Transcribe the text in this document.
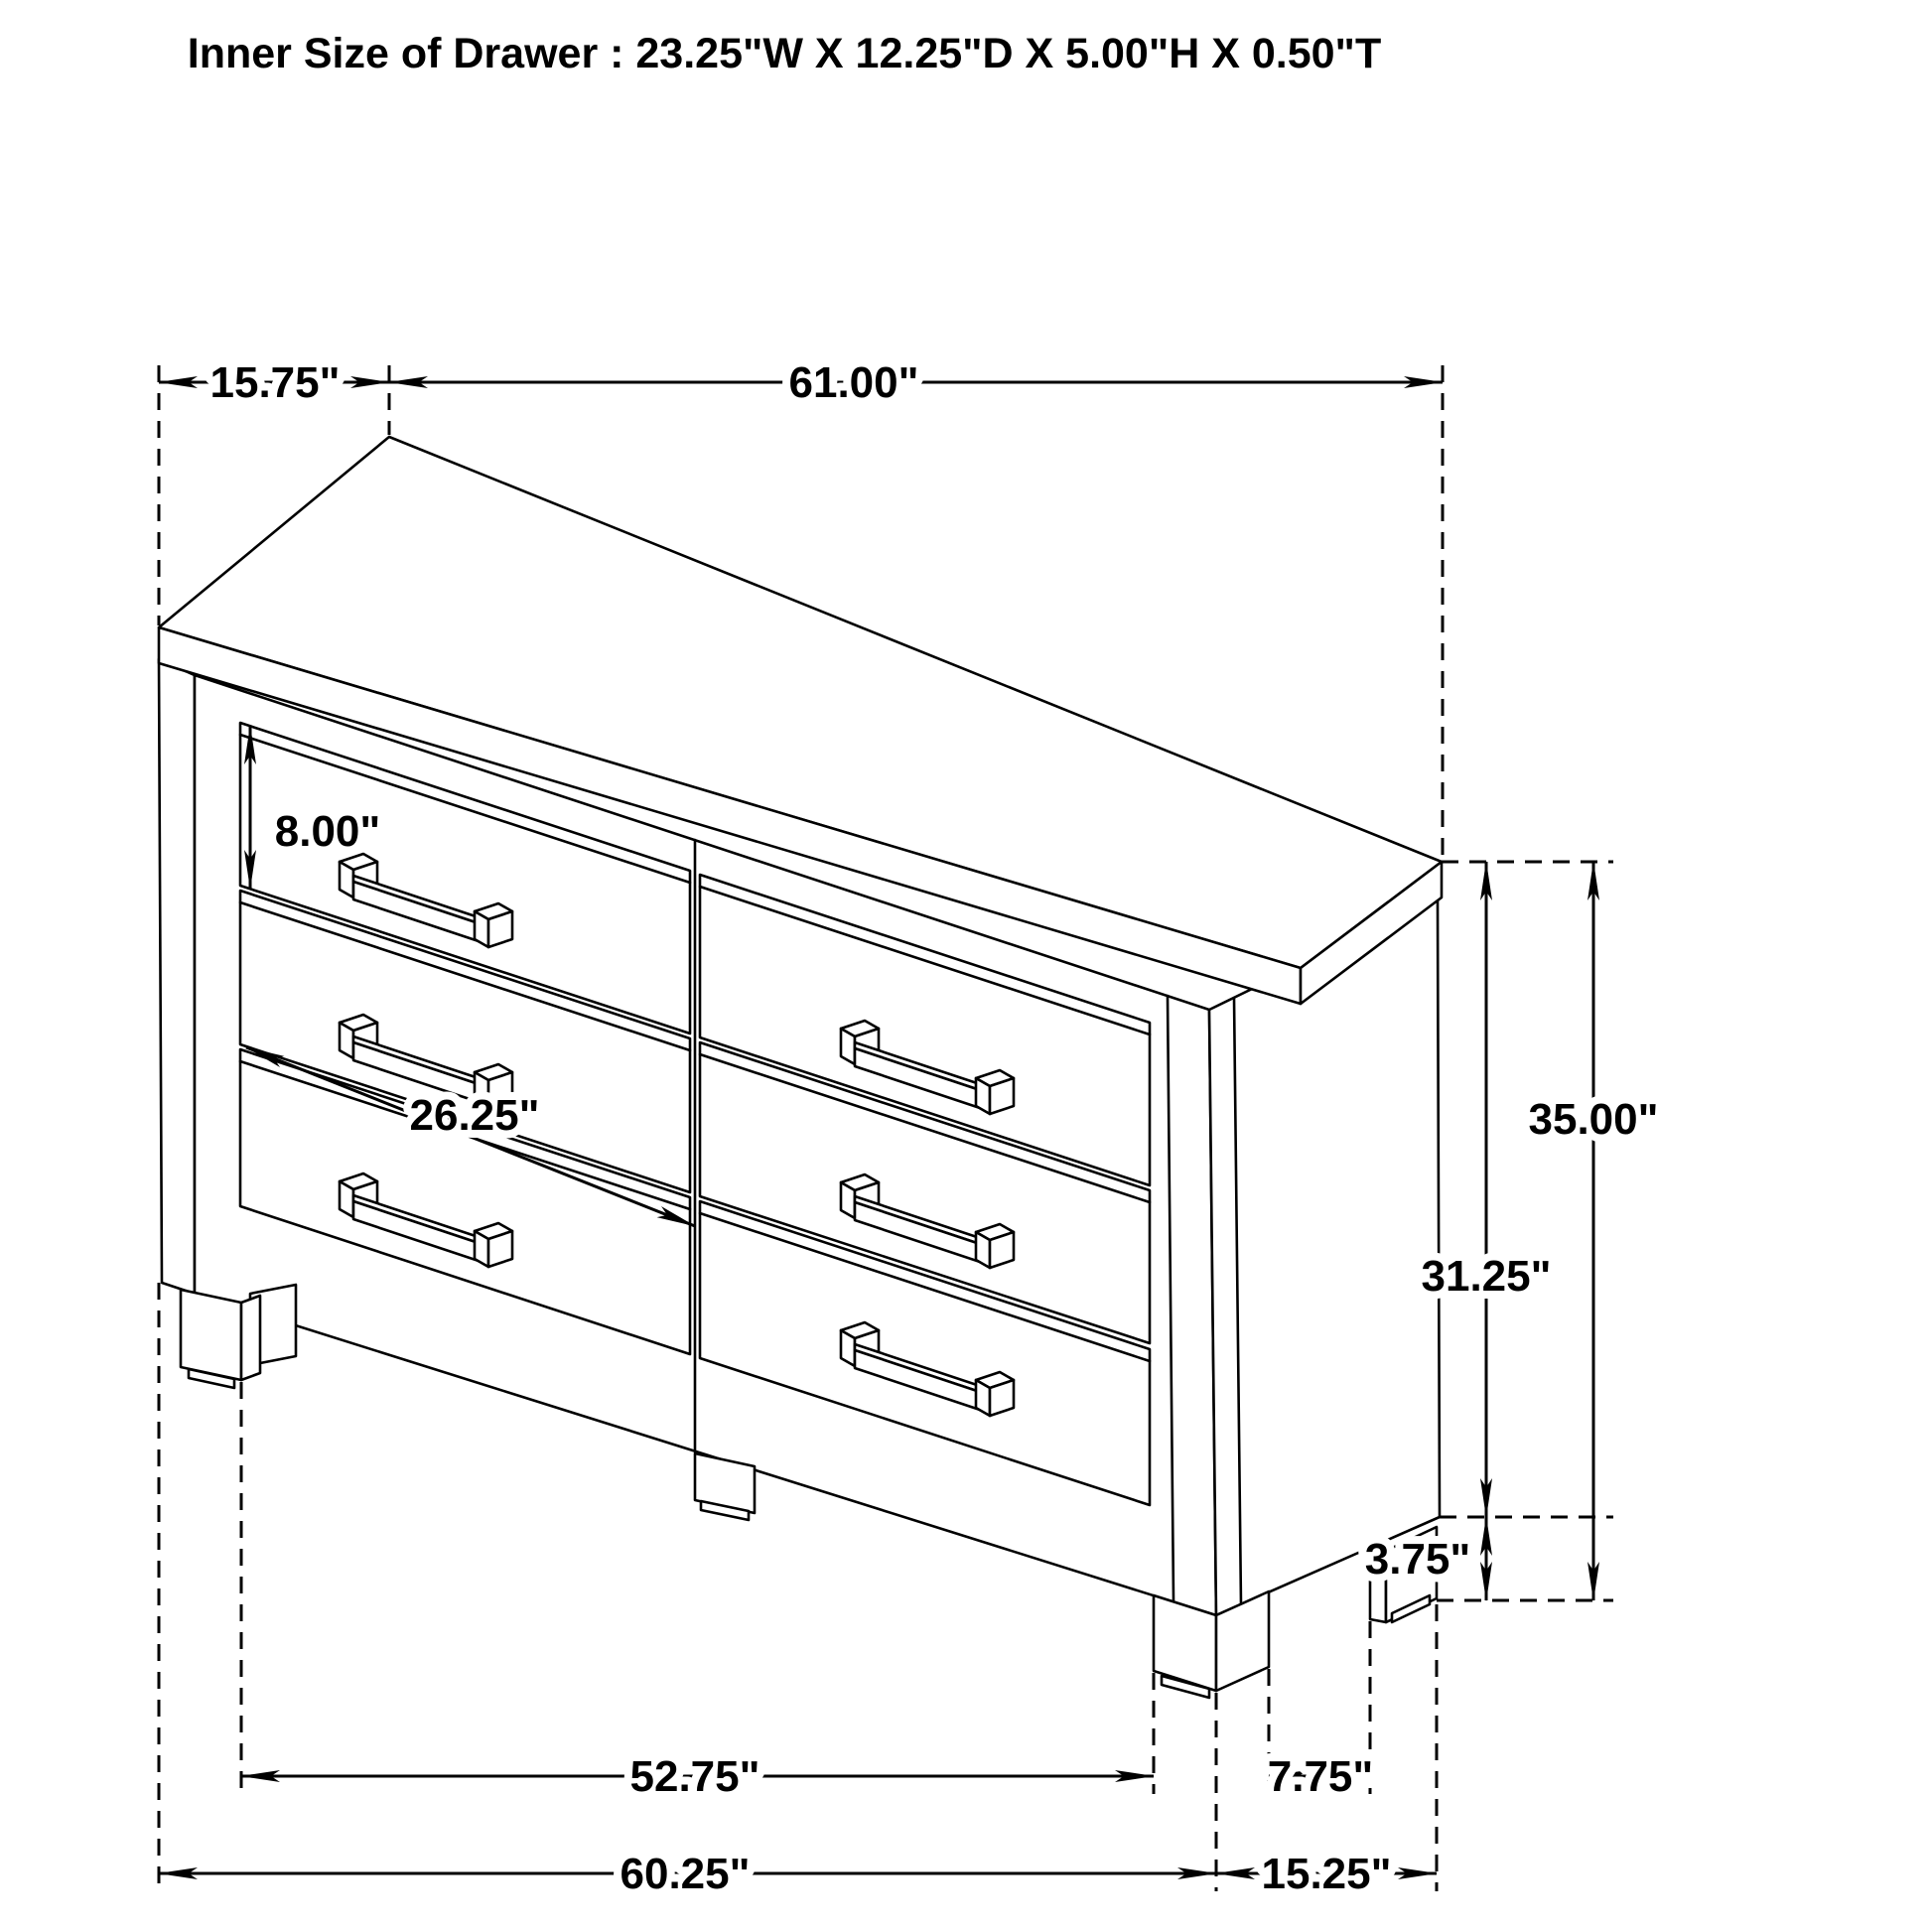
Inner Size of Drawer : 23.25"W X 12.25"D X 5.00"H X 0.50"T
15.75"	61.00"
8.00"
26.25"
31.25"
35.00"
3.75"
52.75"	7.75"
60.25"	15.25"
